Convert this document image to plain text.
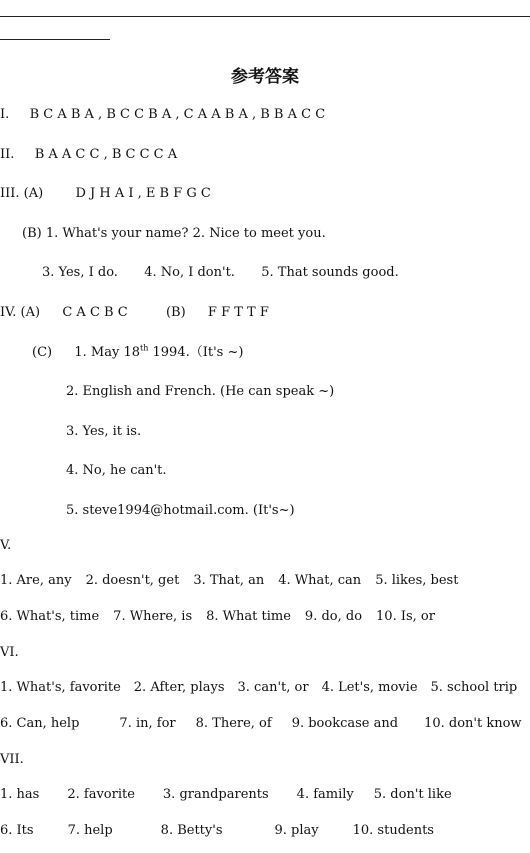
参考答案
I. B C A B A , B C C B A , C A A B A , B B A C C
II. B A A C C , B C C C A
III. (A) D J H A I , E B F G C
(B) 1. What's your name? 2. Nice to meet you.
3. Yes, I do. 4. No, I don't. 5. That sounds good.
IV. (A) C A C B C	(B) F F T T F
(C) 1. May 18th 1994.（It's ~)
2. English and French. (He can speak ~)
3. Yes, it is.
4. No, he can't.
5. steve1994@hotmail.com. (It's~)
V.
1. Are, any 2. doesn't, get 3. That, an 4. What, can 5. likes, best
6. What's, time 7. Where, is 8. What time 9. do, do 10. Is, or
VI.
1. What's, favorite 2. After, plays 3. can't, or 4. Let's, movie 5. school trip
6. Can, help	7. in, for 8. There, of 9. bookcase and 10. don't know
VII.
1. has 2. favorite 3. grandparents 4. family 5. don't like
6. Its	7. help	8. Betty's	9. play	10. students
